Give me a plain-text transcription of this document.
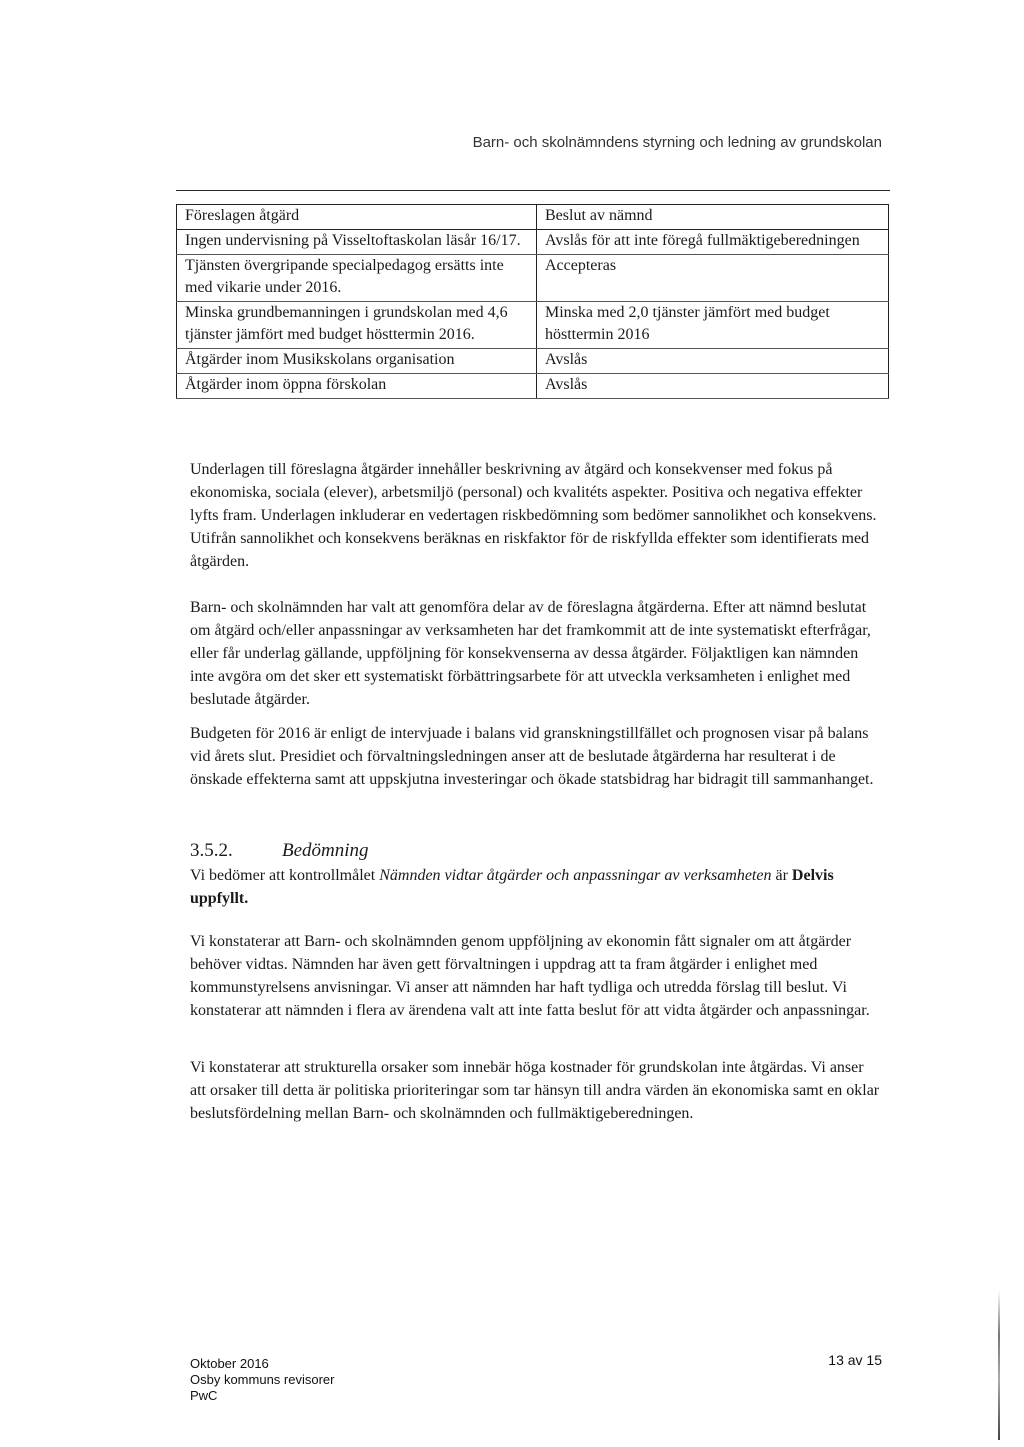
Barn- och skolnämndens styrning och ledning av grundskolan
Föreslagen åtgärd	Beslut av nämnd
Ingen undervisning på Visseltoftaskolan läsår 16/17.	Avslås för att inte föregå fullmäktigeberedningen
Tjänsten övergripande specialpedagog ersätts inte med vikarie under 2016.	Accepteras
Minska grundbemanningen i grundskolan med 4,6 tjänster jämfört med budget hösttermin 2016.	Minska med 2,0 tjänster jämfört med budget hösttermin 2016
Åtgärder inom Musikskolans organisation	Avslås
Åtgärder inom öppna förskolan	Avslås

Underlagen till föreslagna åtgärder innehåller beskrivning av åtgärd och konsekvenser med fokus på ekonomiska, sociala (elever), arbetsmiljö (personal) och kvalitéts aspekter. Positiva och negativa effekter lyfts fram. Underlagen inkluderar en vedertagen riskbedömning som bedömer sannolikhet och konsekvens. Utifrån sannolikhet och konsekvens beräknas en riskfaktor för de riskfyllda effekter som identifierats med åtgärden.

Barn- och skolnämnden har valt att genomföra delar av de föreslagna åtgärderna. Efter att nämnd beslutat om åtgärd och/eller anpassningar av verksamheten har det framkommit att de inte systematiskt efterfrågar, eller får underlag gällande, uppföljning för konsekvenserna av dessa åtgärder. Följaktligen kan nämnden inte avgöra om det sker ett systematiskt förbättringsarbete för att utveckla verksamheten i enlighet med beslutade åtgärder.

Budgeten för 2016 är enligt de intervjuade i balans vid granskningstillfället och prognosen visar på balans vid årets slut. Presidiet och förvaltningsledningen anser att de beslutade åtgärderna har resulterat i de önskade effekterna samt att uppskjutna investeringar och ökade statsbidrag har bidragit till sammanhanget.

3.5.2.	Bedömning

Vi bedömer att kontrollmålet Nämnden vidtar åtgärder och anpassningar av verksamheten är Delvis uppfyllt.

Vi konstaterar att Barn- och skolnämnden genom uppföljning av ekonomin fått signaler om att åtgärder behöver vidtas. Nämnden har även gett förvaltningen i uppdrag att ta fram åtgärder i enlighet med kommunstyrelsens anvisningar. Vi anser att nämnden har haft tydliga och utredda förslag till beslut. Vi konstaterar att nämnden i flera av ärendena valt att inte fatta beslut för att vidta åtgärder och anpassningar.

Vi konstaterar att strukturella orsaker som innebär höga kostnader för grundskolan inte åtgärdas. Vi anser att orsaker till detta är politiska prioriteringar som tar hänsyn till andra värden än ekonomiska samt en oklar beslutsfördelning mellan Barn- och skolnämnden och fullmäktigeberedningen.

Oktober 2016
Osby kommuns revisorer
PwC
13 av 15
